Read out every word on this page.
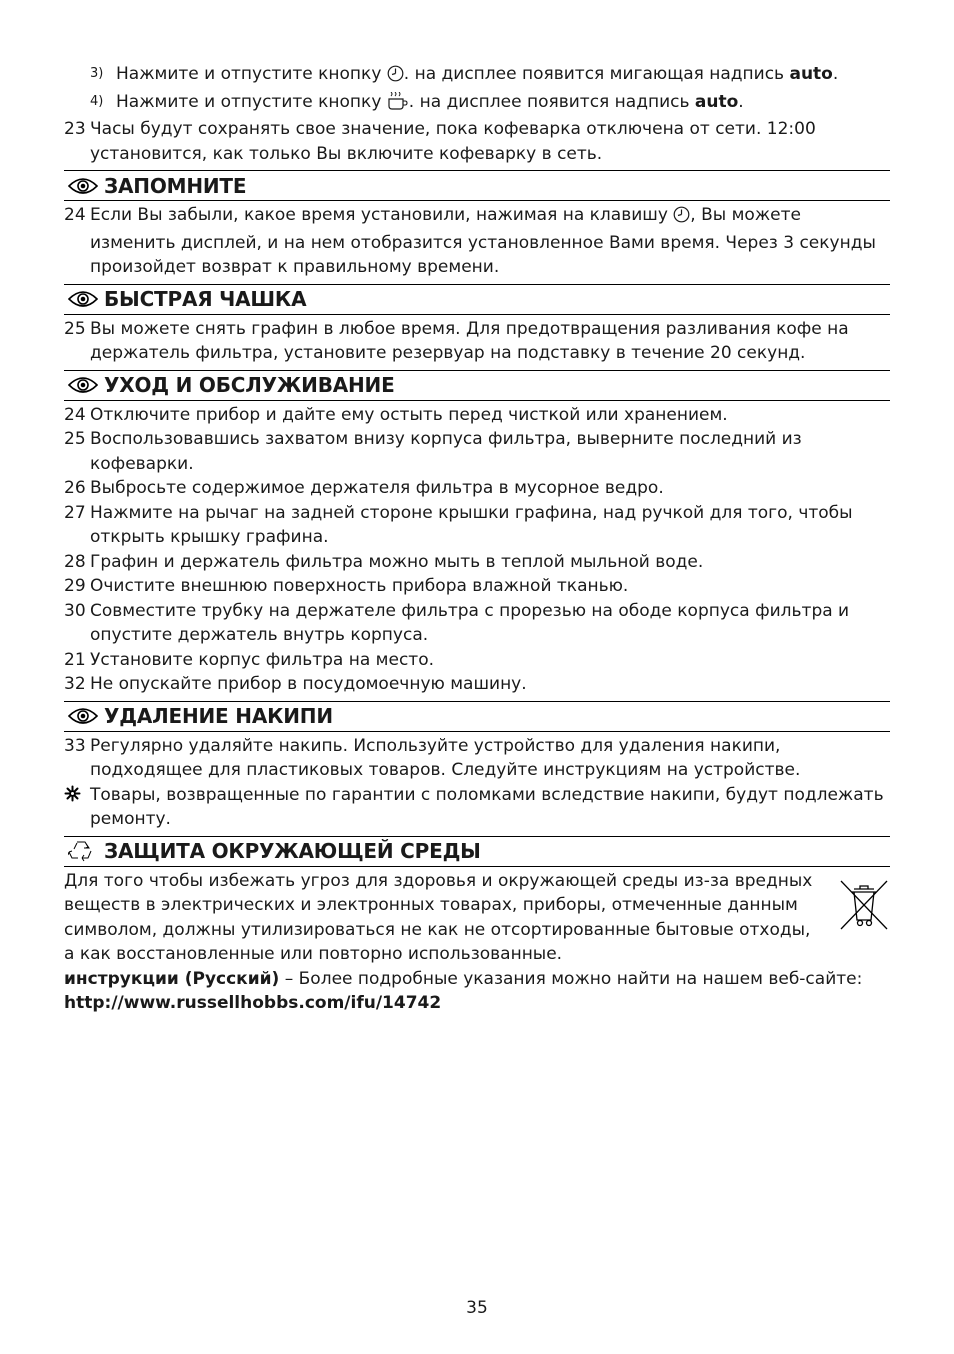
3) Нажмите и отпустите кнопку . на дисплее появится мигающая надпись auto.
4) Нажмите и отпустите кнопку . на дисплее появится надпись auto.
23 Часы будут сохранять свое значение, пока кофеварка отключена от сети. 12:00 установится, как только Вы включите кофеварку в сеть.
ЗАПОМНИТЕ
24 Если Вы забыли, какое время установили, нажимая на клавишу , Вы можете изменить дисплей, и на нем отобразится установленное Вами время. Через 3 секунды произойдет возврат к правильному времени.
БЫСТРАЯ ЧАШКА
25 Вы можете снять графин в любое время. Для предотвращения разливания кофе на держатель фильтра, установите резервуар на подставку в течение 20 секунд.
УХОД И ОБСЛУЖИВАНИЕ
24 Отключите прибор и дайте ему остыть перед чисткой или хранением.
25 Воспользовавшись захватом внизу корпуса фильтра, выверните последний из кофеварки.
26 Выбросьте содержимое держателя фильтра в мусорное ведро.
27 Нажмите на рычаг на задней стороне крышки графина, над ручкой для того, чтобы открыть крышку графина.
28 Графин и держатель фильтра можно мыть в теплой мыльной воде.
29 Очистите внешнюю поверхность прибора влажной тканью.
30 Совместите трубку на держателе фильтра с прорезью на ободе корпуса фильтра и опустите держатель внутрь корпуса.
21 Установите корпус фильтра на место.
32 Не опускайте прибор в посудомоечную машину.
УДАЛЕНИЕ НАКИПИ
33 Регулярно удаляйте накипь. Используйте устройство для удаления накипи, подходящее для пластиковых товаров. Следуйте инструкциям на устройстве.
Товары, возвращенные по гарантии с поломками вследствие накипи, будут подлежать ремонту.
ЗАЩИТА ОКРУЖАЮЩЕЙ СРЕДЫ
Для того чтобы избежать угроз для здоровья и окружающей среды из-за вредных веществ в электрических и электронных товарах, приборы, отмеченные данным символом, должны утилизироваться не как не отсортированные бытовые отходы, а как восстановленные или повторно использованные.
инструкции (Русский) – Более подробные указания можно найти на нашем веб-сайте:
http://www.russellhobbs.com/ifu/14742
35
